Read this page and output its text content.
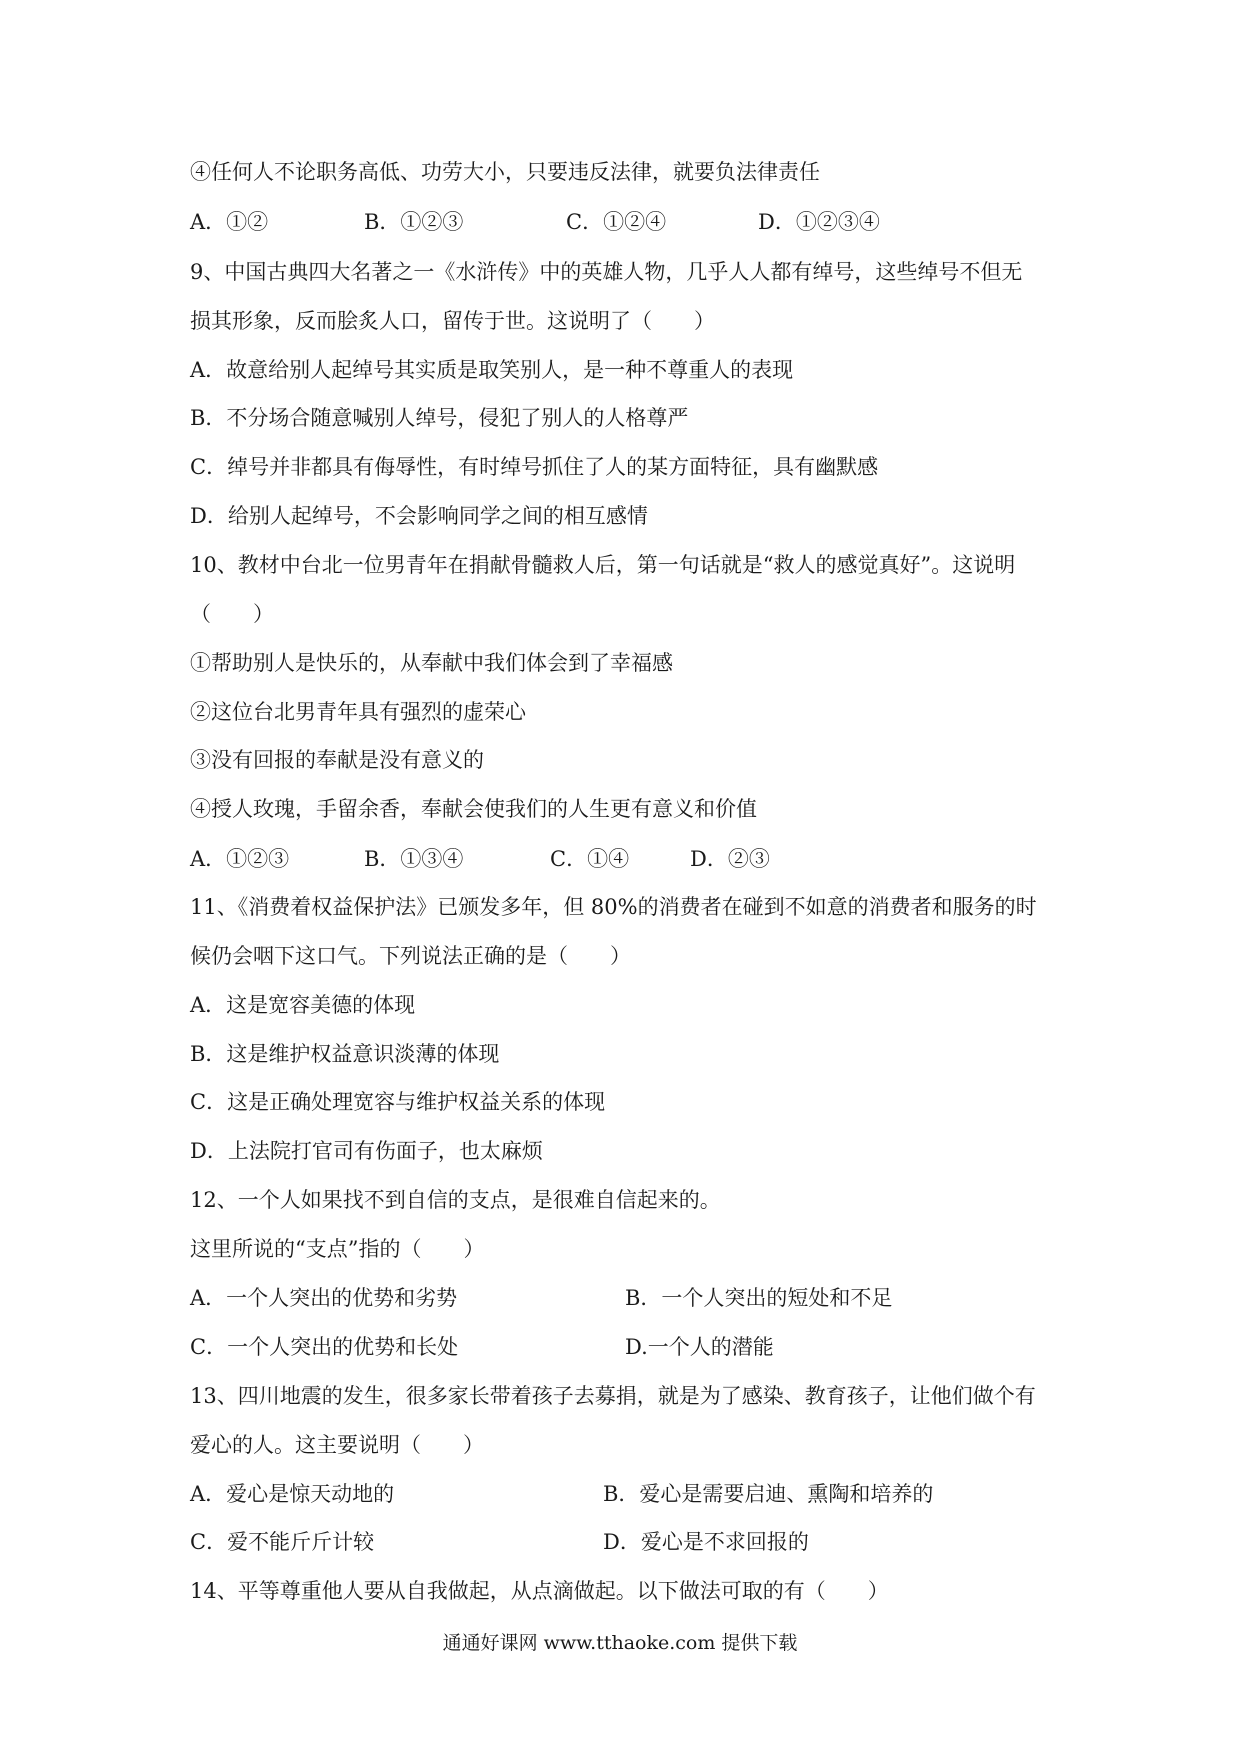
④任何人不论职务高低、功劳大小，只要违反法律，就要负法律责任
A．①②	B．①②③	C．①②④	D．①②③④
9、中国古典四大名著之一《水浒传》中的英雄人物，几乎人人都有绰号，这些绰号不但无
损其形象，反而脍炙人口，留传于世。这说明了（　　）
A．故意给别人起绰号其实质是取笑别人，是一种不尊重人的表现
B．不分场合随意喊别人绰号，侵犯了别人的人格尊严
C．绰号并非都具有侮辱性，有时绰号抓住了人的某方面特征，具有幽默感
D．给别人起绰号，不会影响同学之间的相互感情
10、教材中台北一位男青年在捐献骨髓救人后，第一句话就是“救人的感觉真好”。这说明
（　　）
①帮助别人是快乐的，从奉献中我们体会到了幸福感
②这位台北男青年具有强烈的虚荣心
③没有回报的奉献是没有意义的
④授人玫瑰，手留余香，奉献会使我们的人生更有意义和价值
A．①②③	B．①③④	C．①④	D．②③
11、《消费着权益保护法》已颁发多年，但 80%的消费者在碰到不如意的消费者和服务的时
候仍会咽下这口气。下列说法正确的是（　　）
A．这是宽容美德的体现
B．这是维护权益意识淡薄的体现
C．这是正确处理宽容与维护权益关系的体现
D．上法院打官司有伤面子，也太麻烦
12、一个人如果找不到自信的支点，是很难自信起来的。
这里所说的“支点”指的（　　）
A．一个人突出的优势和劣势	B．一个人突出的短处和不足
C．一个人突出的优势和长处	D.一个人的潜能
13、四川地震的发生，很多家长带着孩子去募捐，就是为了感染、教育孩子，让他们做个有
爱心的人。这主要说明（　　）
A．爱心是惊天动地的	B．爱心是需要启迪、熏陶和培养的
C．爱不能斤斤计较	D．爱心是不求回报的
14、平等尊重他人要从自我做起，从点滴做起。以下做法可取的有（　　）
通通好课网 www.tthaoke.com 提供下载
